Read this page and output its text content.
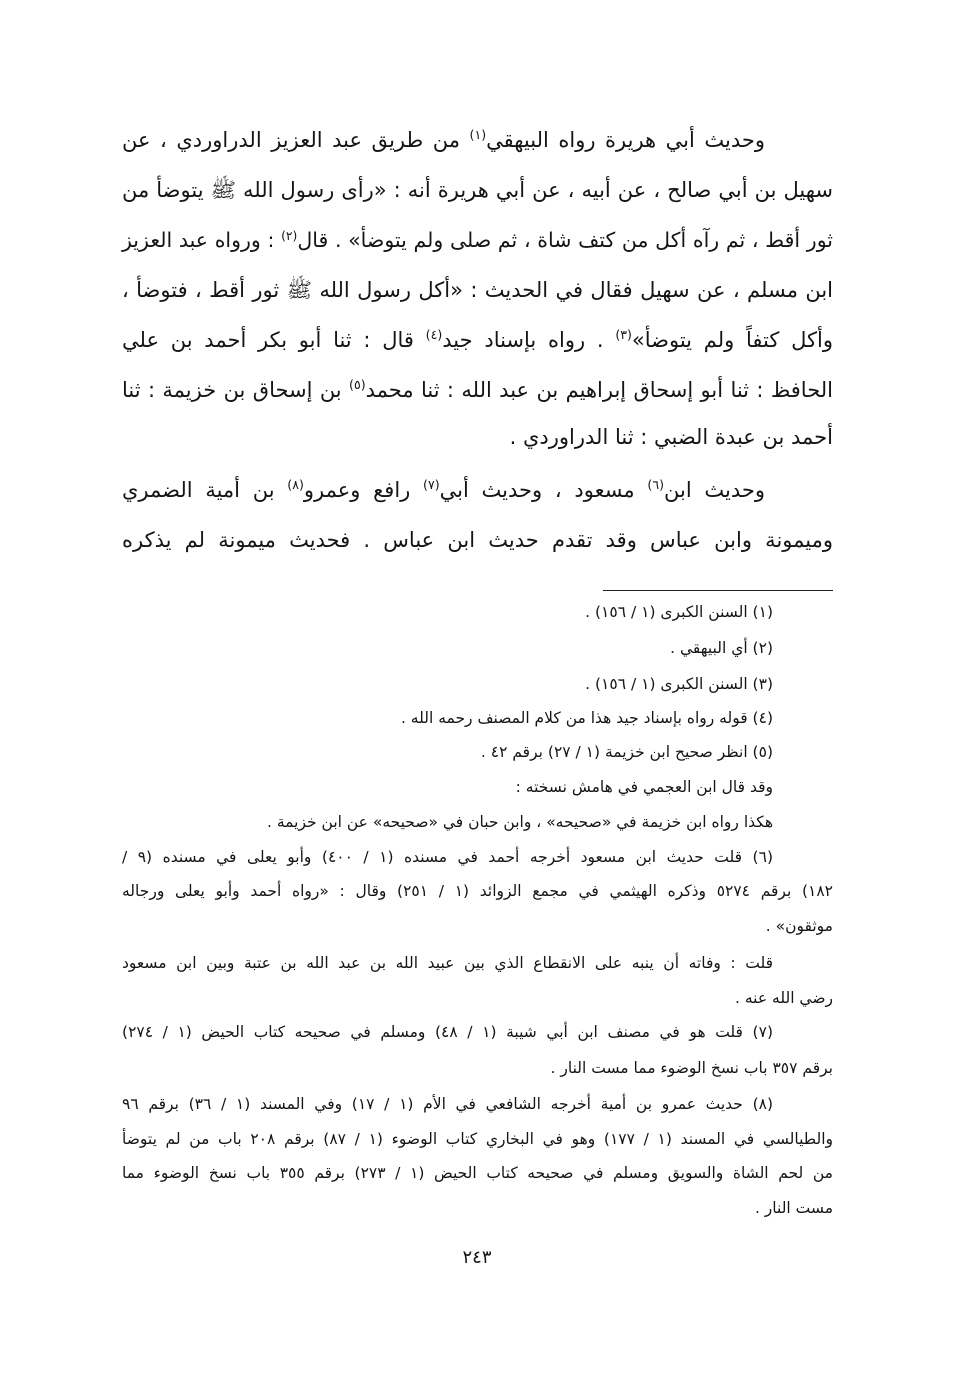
وحديث أبي هريرة رواه البيهقي$^{(١)}$ من طريق عبد العزيز الدراوردي ، عن
سهيل بن أبي صالح ، عن أبيه ، عن أبي هريرة أنه : «رأى رسول الله ﷺ يتوضأ من
ثور أقط ، ثم رآه أكل من كتف شاة ، ثم صلى ولم يتوضأ» . قال$^{(٢)}$ : ورواه عبد العزيز
ابن مسلم ، عن سهيل فقال في الحديث : «أكل رسول الله ﷺ ثور أقط ، فتوضأ ،
وأكل كتفاً ولم يتوضأ»$^{(٣)}$ . رواه بإسناد جيد$^{(٤)}$ قال : ثنا أبو بكر أحمد بن علي
الحافظ : ثنا أبو إسحاق إبراهيم بن عبد الله : ثنا محمد$^{(٥)}$ بن إسحاق بن خزيمة : ثنا
أحمد بن عبدة الضبي : ثنا الدراوردي .
وحديث ابن$^{(٦)}$ مسعود ، وحديث أبي$^{(٧)}$ رافع وعمرو$^{(٨)}$ بن أمية الضمري
وميمونة وابن عباس وقد تقدم حديث ابن عباس . فحديث ميمونة لم يذكره
(١) السنن الكبرى (١ / ١٥٦) .
(٢) أي البيهقي .
(٣) السنن الكبرى (١ / ١٥٦) .
(٤) قوله رواه بإسناد جيد هذا من كلام المصنف رحمه الله .
(٥) انظر صحيح ابن خزيمة (١ / ٢٧) برقم ٤٢ .
وقد قال ابن العجمي في هامش نسخته :
هكذا رواه ابن خزيمة في «صحيحه» ، وابن حبان في «صحيحه» عن ابن خزيمة .
(٦) قلت حديث ابن مسعود أخرجه أحمد في مسنده (١ / ٤٠٠) وأبو يعلى في مسنده (٩ /
١٨٢) برقم ٥٢٧٤ وذكره الهيثمي في مجمع الزوائد (١ / ٢٥١) وقال : «رواه أحمد وأبو يعلى ورجاله
موثقون» .
قلت : وفاته أن ينبه على الانقطاع الذي بين عبيد الله بن عبد الله بن عتبة وبين ابن مسعود
رضي الله عنه .
(٧) قلت هو في مصنف ابن أبي شيبة (١ / ٤٨) ومسلم في صحيحه كتاب الحيض (١ / ٢٧٤)
برقم ٣٥٧ باب نسخ الوضوء مما مست النار .
(٨) حديث عمرو بن أمية أخرجه الشافعي في الأم (١ / ١٧) وفي المسند (١ / ٣٦) برقم ٩٦
والطيالسي في المسند (١ / ١٧٧) وهو في البخاري كتاب الوضوء (١ / ٨٧) برقم ٢٠٨ باب من لم يتوضأ
من لحم الشاة والسويق ومسلم في صحيحه كتاب الحيض (١ / ٢٧٣) برقم ٣٥٥ باب نسخ الوضوء مما
مست النار .
٢٤٣
